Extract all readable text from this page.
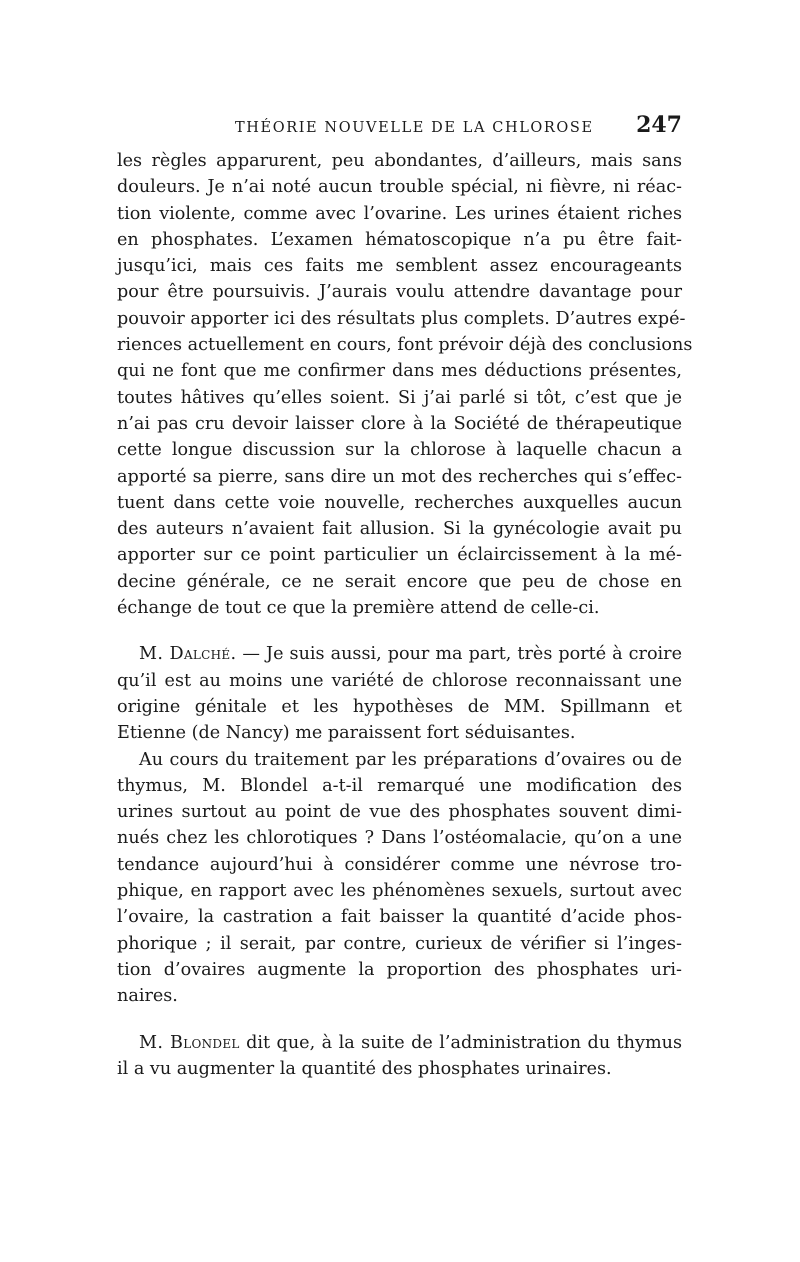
THÉORIE NOUVELLE DE LA CHLOROSE 247

les règles apparurent, peu abondantes, d’ailleurs, mais sans
douleurs. Je n’ai noté aucun trouble spécial, ni fièvre, ni réac-
tion violente, comme avec l’ovarine. Les urines étaient riches
en phosphates. L’examen hématoscopique n’a pu être fait-
jusqu’ici, mais ces faits me semblent assez encourageants
pour être poursuivis. J’aurais voulu attendre davantage pour
pouvoir apporter ici des résultats plus complets. D’autres expé-
riences actuellement en cours, font prévoir déjà des conclusions
qui ne font que me confirmer dans mes déductions présentes,
toutes hâtives qu’elles soient. Si j’ai parlé si tôt, c’est que je
n’ai pas cru devoir laisser clore à la Société de thérapeutique
cette longue discussion sur la chlorose à laquelle chacun a
apporté sa pierre, sans dire un mot des recherches qui s’effec-
tuent dans cette voie nouvelle, recherches auxquelles aucun
des auteurs n’avaient fait allusion. Si la gynécologie avait pu
apporter sur ce point particulier un éclaircissement à la mé-
decine générale, ce ne serait encore que peu de chose en
échange de tout ce que la première attend de celle-ci.

M. Dalché. — Je suis aussi, pour ma part, très porté à croire
qu’il est au moins une variété de chlorose reconnaissant une
origine génitale et les hypothèses de MM. Spillmann et
Etienne (de Nancy) me paraissent fort séduisantes.

Au cours du traitement par les préparations d’ovaires ou de
thymus, M. Blondel a-t-il remarqué une modification des
urines surtout au point de vue des phosphates souvent dimi-
nués chez les chlorotiques ? Dans l’ostéomalacie, qu’on a une
tendance aujourd’hui à considérer comme une névrose tro-
phique, en rapport avec les phénomènes sexuels, surtout avec
l’ovaire, la castration a fait baisser la quantité d’acide phos-
phorique ; il serait, par contre, curieux de vérifier si l’inges-
tion d’ovaires augmente la proportion des phosphates uri-
naires.

M. Blondel dit que, à la suite de l’administration du thymus
il a vu augmenter la quantité des phosphates urinaires.
